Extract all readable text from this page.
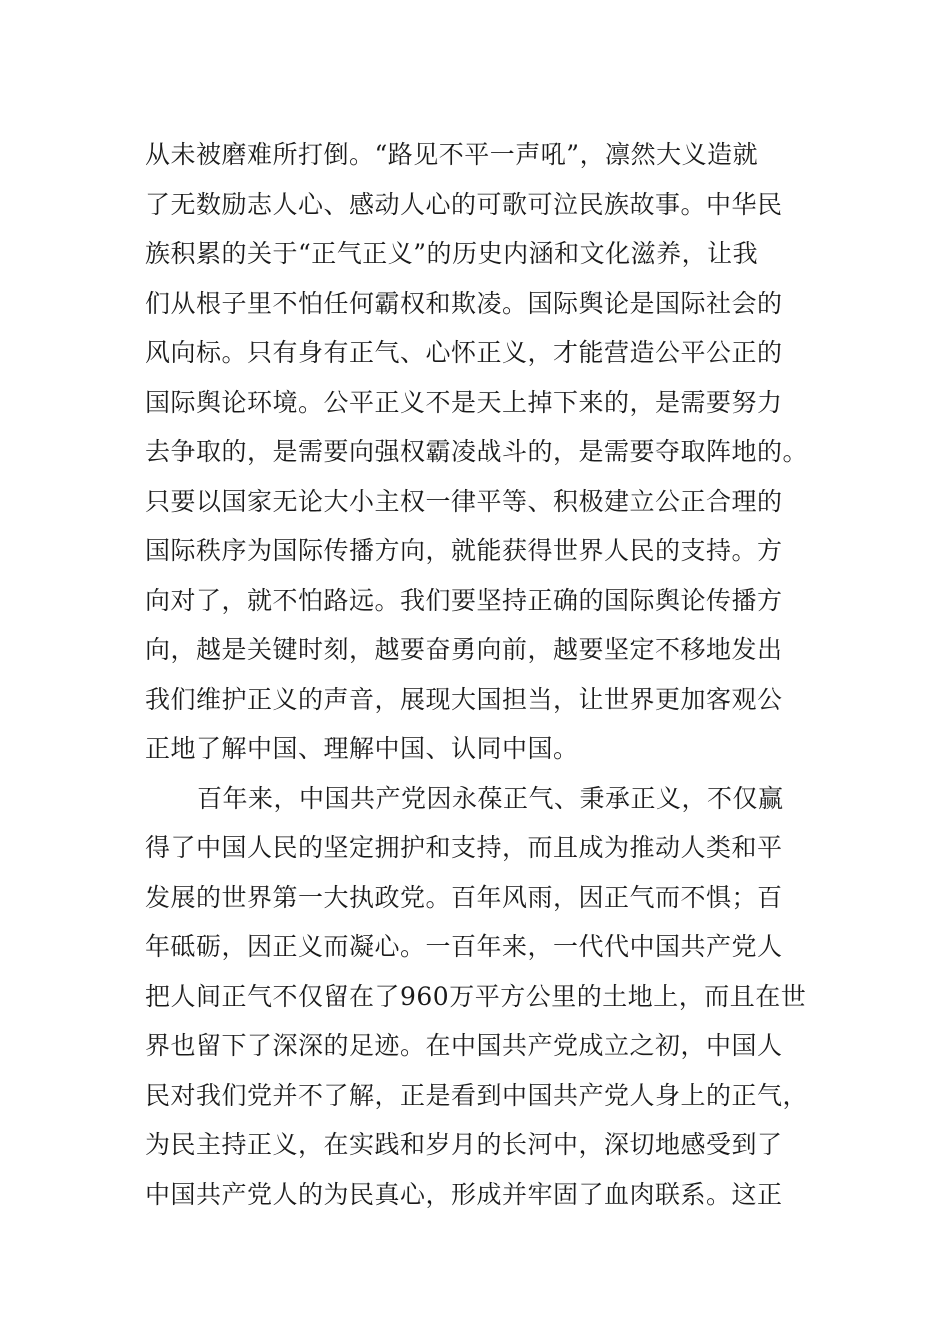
从未被磨难所打倒。“路见不平一声吼”，凛然大义造就
了无数励志人心、感动人心的可歌可泣民族故事。中华民
族积累的关于“正气正义”的历史内涵和文化滋养，让我
们从根子里不怕任何霸权和欺凌。国际舆论是国际社会的
风向标。只有身有正气、心怀正义，才能营造公平公正的
国际舆论环境。公平正义不是天上掉下来的，是需要努力
去争取的，是需要向强权霸凌战斗的，是需要夺取阵地的。
只要以国家无论大小主权一律平等、积极建立公正合理的
国际秩序为国际传播方向，就能获得世界人民的支持。方
向对了，就不怕路远。我们要坚持正确的国际舆论传播方
向，越是关键时刻，越要奋勇向前，越要坚定不移地发出
我们维护正义的声音，展现大国担当，让世界更加客观公
正地了解中国、理解中国、认同中国。
百年来，中国共产党因永葆正气、秉承正义，不仅赢
得了中国人民的坚定拥护和支持，而且成为推动人类和平
发展的世界第一大执政党。百年风雨，因正气而不惧；百
年砥砺，因正义而凝心。一百年来，一代代中国共产党人
把人间正气不仅留在了960万平方公里的土地上，而且在世
界也留下了深深的足迹。在中国共产党成立之初，中国人
民对我们党并不了解，正是看到中国共产党人身上的正气，
为民主持正义，在实践和岁月的长河中，深切地感受到了
中国共产党人的为民真心，形成并牢固了血肉联系。这正
